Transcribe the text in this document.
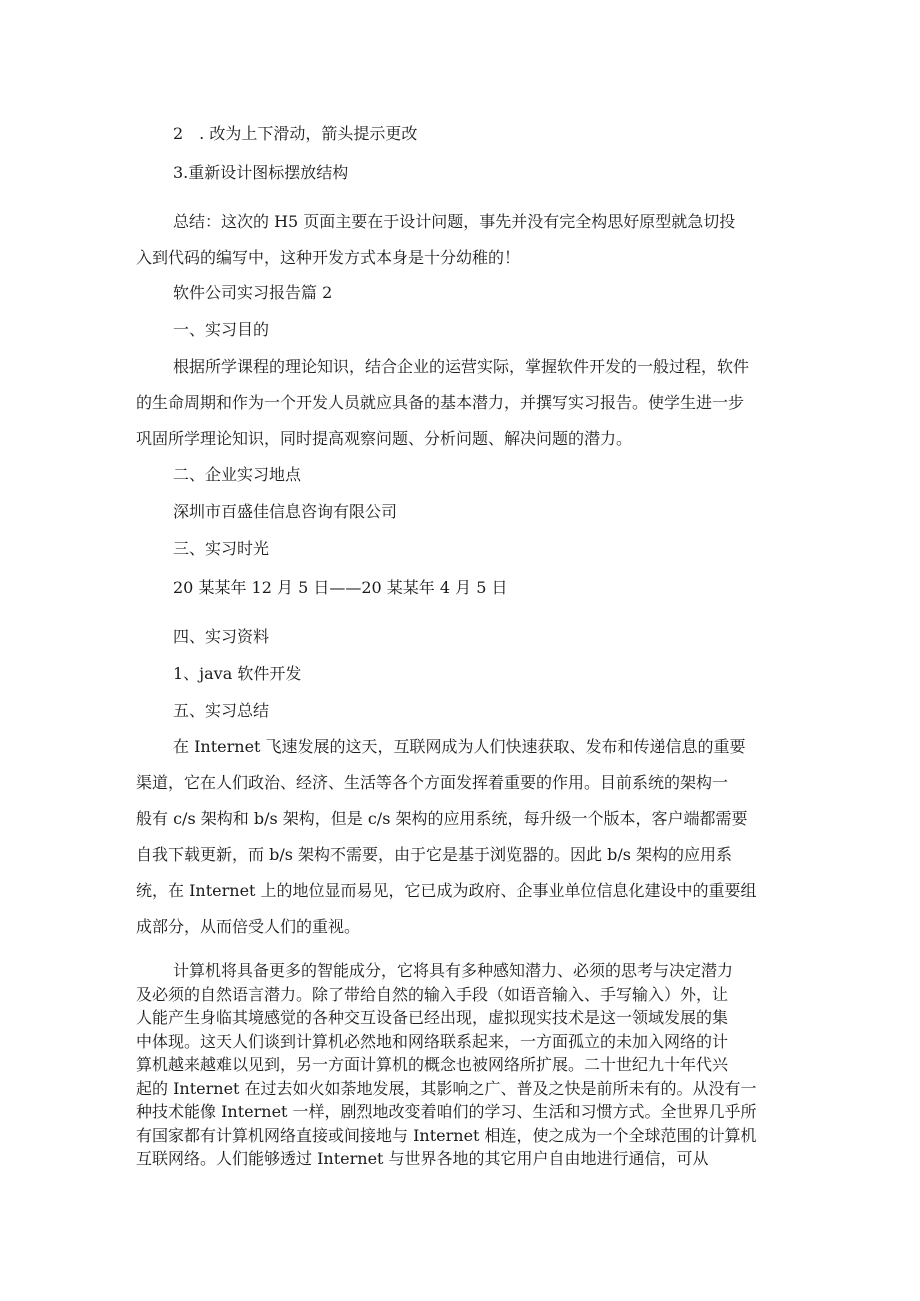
2　. 改为上下滑动，箭头提示更改
3.重新设计图标摆放结构
总结：这次的 H5 页面主要在于设计问题，事先并没有完全构思好原型就急切投
入到代码的编写中，这种开发方式本身是十分幼稚的！
软件公司实习报告篇 2
一、实习目的
根据所学课程的理论知识，结合企业的运营实际，掌握软件开发的一般过程，软件
的生命周期和作为一个开发人员就应具备的基本潜力，并撰写实习报告。使学生进一步
巩固所学理论知识，同时提高观察问题、分析问题、解决问题的潜力。
二、企业实习地点
深圳市百盛佳信息咨询有限公司
三、实习时光
20 某某年 12 月 5 日——20 某某年 4 月 5 日
四、实习资料
1、java 软件开发
五、实习总结
在 Internet 飞速发展的这天，互联网成为人们快速获取、发布和传递信息的重要
渠道，它在人们政治、经济、生活等各个方面发挥着重要的作用。目前系统的架构一
般有 c/s 架构和 b/s 架构，但是 c/s 架构的应用系统，每升级一个版本，客户端都需要
自我下载更新，而 b/s 架构不需要，由于它是基于浏览器的。因此 b/s 架构的应用系
统，在 Internet 上的地位显而易见，它已成为政府、企事业单位信息化建设中的重要组
成部分，从而倍受人们的重视。
计算机将具备更多的智能成分，它将具有多种感知潜力、必须的思考与决定潜力
及必须的自然语言潜力。除了带给自然的输入手段（如语音输入、手写输入）外，让
人能产生身临其境感觉的各种交互设备已经出现，虚拟现实技术是这一领域发展的集
中体现。这天人们谈到计算机必然地和网络联系起来，一方面孤立的未加入网络的计
算机越来越难以见到，另一方面计算机的概念也被网络所扩展。二十世纪九十年代兴
起的 Internet 在过去如火如荼地发展，其影响之广、普及之快是前所未有的。从没有一
种技术能像 Internet 一样，剧烈地改变着咱们的学习、生活和习惯方式。全世界几乎所
有国家都有计算机网络直接或间接地与 Internet 相连，使之成为一个全球范围的计算机
互联网络。人们能够透过 Internet 与世界各地的其它用户自由地进行通信，可从
